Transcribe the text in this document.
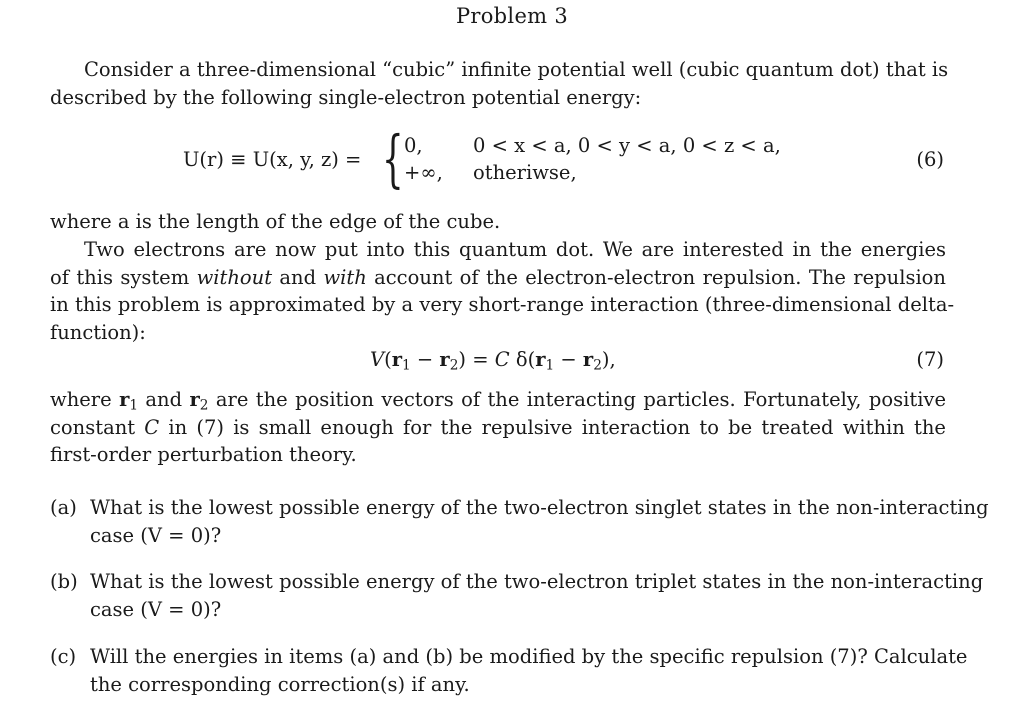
Problem 3
Consider a three-dimensional “cubic” infinite potential well (cubic quantum dot) that is
described by the following single-electron potential energy:
U(r) ≡ U(x, y, z) = { 0,	0 < x < a, 0 < y < a, 0 < z < a,
+∞, otheriwse,
(6)
where a is the length of the edge of the cube.
Two electrons are now put into this quantum dot. We are interested in the energies
of this system without and with account of the electron-electron repulsion. The repulsion
in this problem is approximated by a very short-range interaction (three-dimensional delta-
function):
$V(r_1 - r_2) = C$ $\delta(r_1 - r_2)$,	(7)
where $r_1$ and $r_2$ are the position vectors of the interacting particles. Fortunately, positive
constant C in (7) is small enough for the repulsive interaction to be treated within the
first-order perturbation theory.
(a) What is the lowest possible energy of the two-electron singlet states in the non-interacting
case (V = 0)?
(b) What is the lowest possible energy of the two-electron triplet states in the non-interacting
case (V = 0)?
(c) Will the energies in items (a) and (b) be modified by the specific repulsion (7)? Calculate
the corresponding correction(s) if any.
